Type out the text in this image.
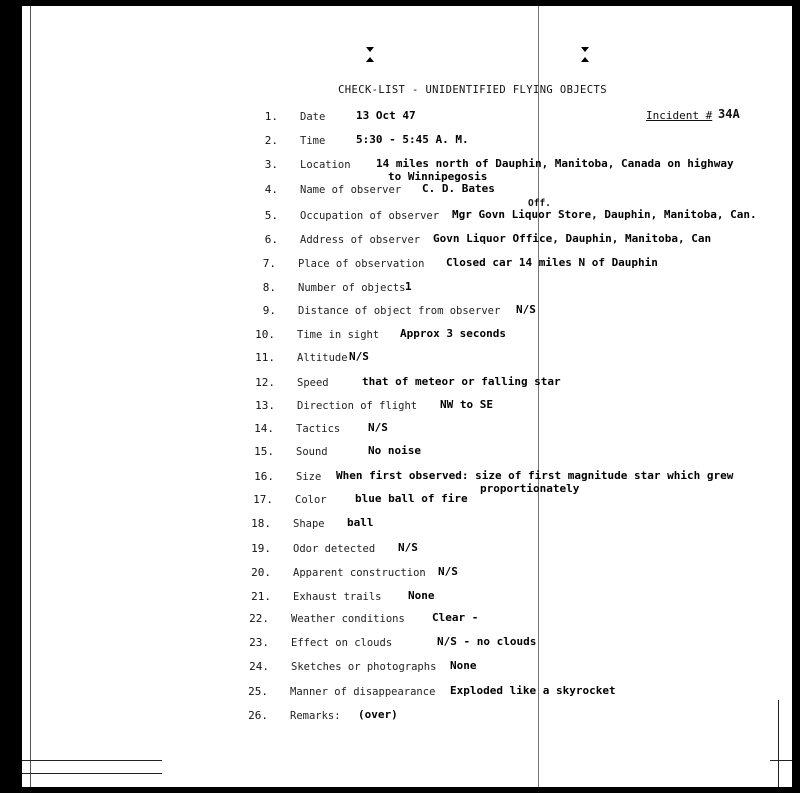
CHECK-LIST - UNIDENTIFIED FLYING OBJECTS
Incident # 34A
1. Date	13 Oct 47
2. Time	5:30 - 5:45 A. M.
3. Location 14 miles north of Dauphin, Manitoba, Canada on highway
to Winnipegosis
4. Name of observer C. D. Bates
5. Occupation of observer Mgr Govn Liquor Store, Dauphin, Manitoba, Can.
Off.
6. Address of observer Govn Liquor Office, Dauphin, Manitoba, Can
7. Place of observation Closed car 14 miles N of Dauphin
8. Number of objects 1
9. Distance of object from observer N/S
10. Time in sight Approx 3 seconds
11. Altitude N/S
12. Speed	that of meteor or falling star
13. Direction of flight NW to SE
14. Tactics	N/S
15. Sound	No noise
16. Size When first observed: size of first magnitude star which grew
proportionately
17. Color	blue ball of fire
18. Shape ball
19. Odor detected N/S
20. Apparent construction N/S
21. Exhaust trails None
22. Weather conditions Clear -
23. Effect on clouds	N/S - no clouds
24. Sketches or photographs None
25. Manner of disappearance Exploded like a skyrocket
26. Remarks: (over)
